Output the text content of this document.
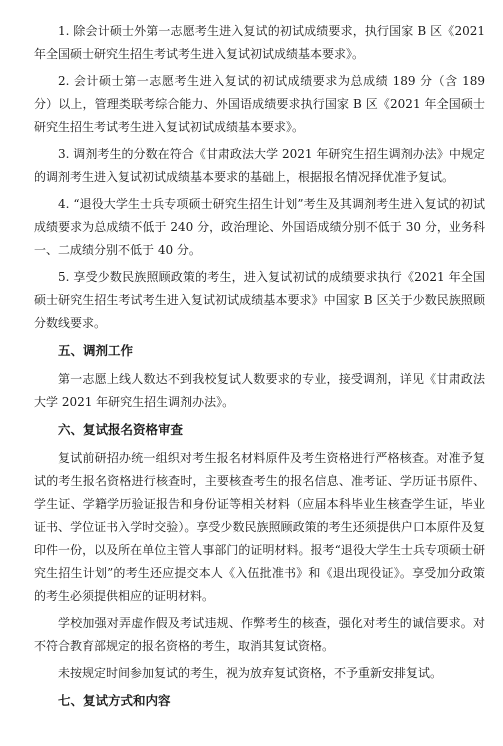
1. 除会计硕士外第一志愿考生进入复试的初试成绩要求，执行国家 B 区《2021 年全国硕士研究生招生考试考生进入复试初试成绩基本要求》。

2. 会计硕士第一志愿考生进入复试的初试成绩要求为总成绩 189 分（含 189 分）以上，管理类联考综合能力、外国语成绩要求执行国家 B 区《2021 年全国硕士研究生招生考试考生进入复试初试成绩基本要求》。

3. 调剂考生的分数在符合《甘肃政法大学 2021 年研究生招生调剂办法》中规定的调剂考生进入复试初试成绩基本要求的基础上，根据报名情况择优准予复试。

4. “退役大学生士兵专项硕士研究生招生计划”考生及其调剂考生进入复试的初试成绩要求为总成绩不低于 240 分，政治理论、外国语成绩分别不低于 30 分，业务科一、二成绩分别不低于 40 分。

5. 享受少数民族照顾政策的考生，进入复试初试的成绩要求执行《2021 年全国硕士研究生招生考试考生进入复试初试成绩基本要求》中国家 B 区关于少数民族照顾分数线要求。

五、调剂工作

第一志愿上线人数达不到我校复试人数要求的专业，接受调剂，详见《甘肃政法大学 2021 年研究生招生调剂办法》。

六、复试报名资格审查

复试前研招办统一组织对考生报名材料原件及考生资格进行严格核查。对准予复试的考生报名资格进行核查时，主要核查考生的报名信息、准考证、学历证书原件、学生证、学籍学历验证报告和身份证等相关材料（应届本科毕业生核查学生证，毕业证书、学位证书入学时交验）。享受少数民族照顾政策的考生还须提供户口本原件及复印件一份，以及所在单位主管人事部门的证明材料。报考“退役大学生士兵专项硕士研究生招生计划”的考生还应提交本人《入伍批准书》和《退出现役证》。享受加分政策的考生必须提供相应的证明材料。

学校加强对弄虚作假及考试违规、作弊考生的核查，强化对考生的诚信要求。对不符合教育部规定的报名资格的考生，取消其复试资格。

未按规定时间参加复试的考生，视为放弃复试资格，不予重新安排复试。

七、复试方式和内容
